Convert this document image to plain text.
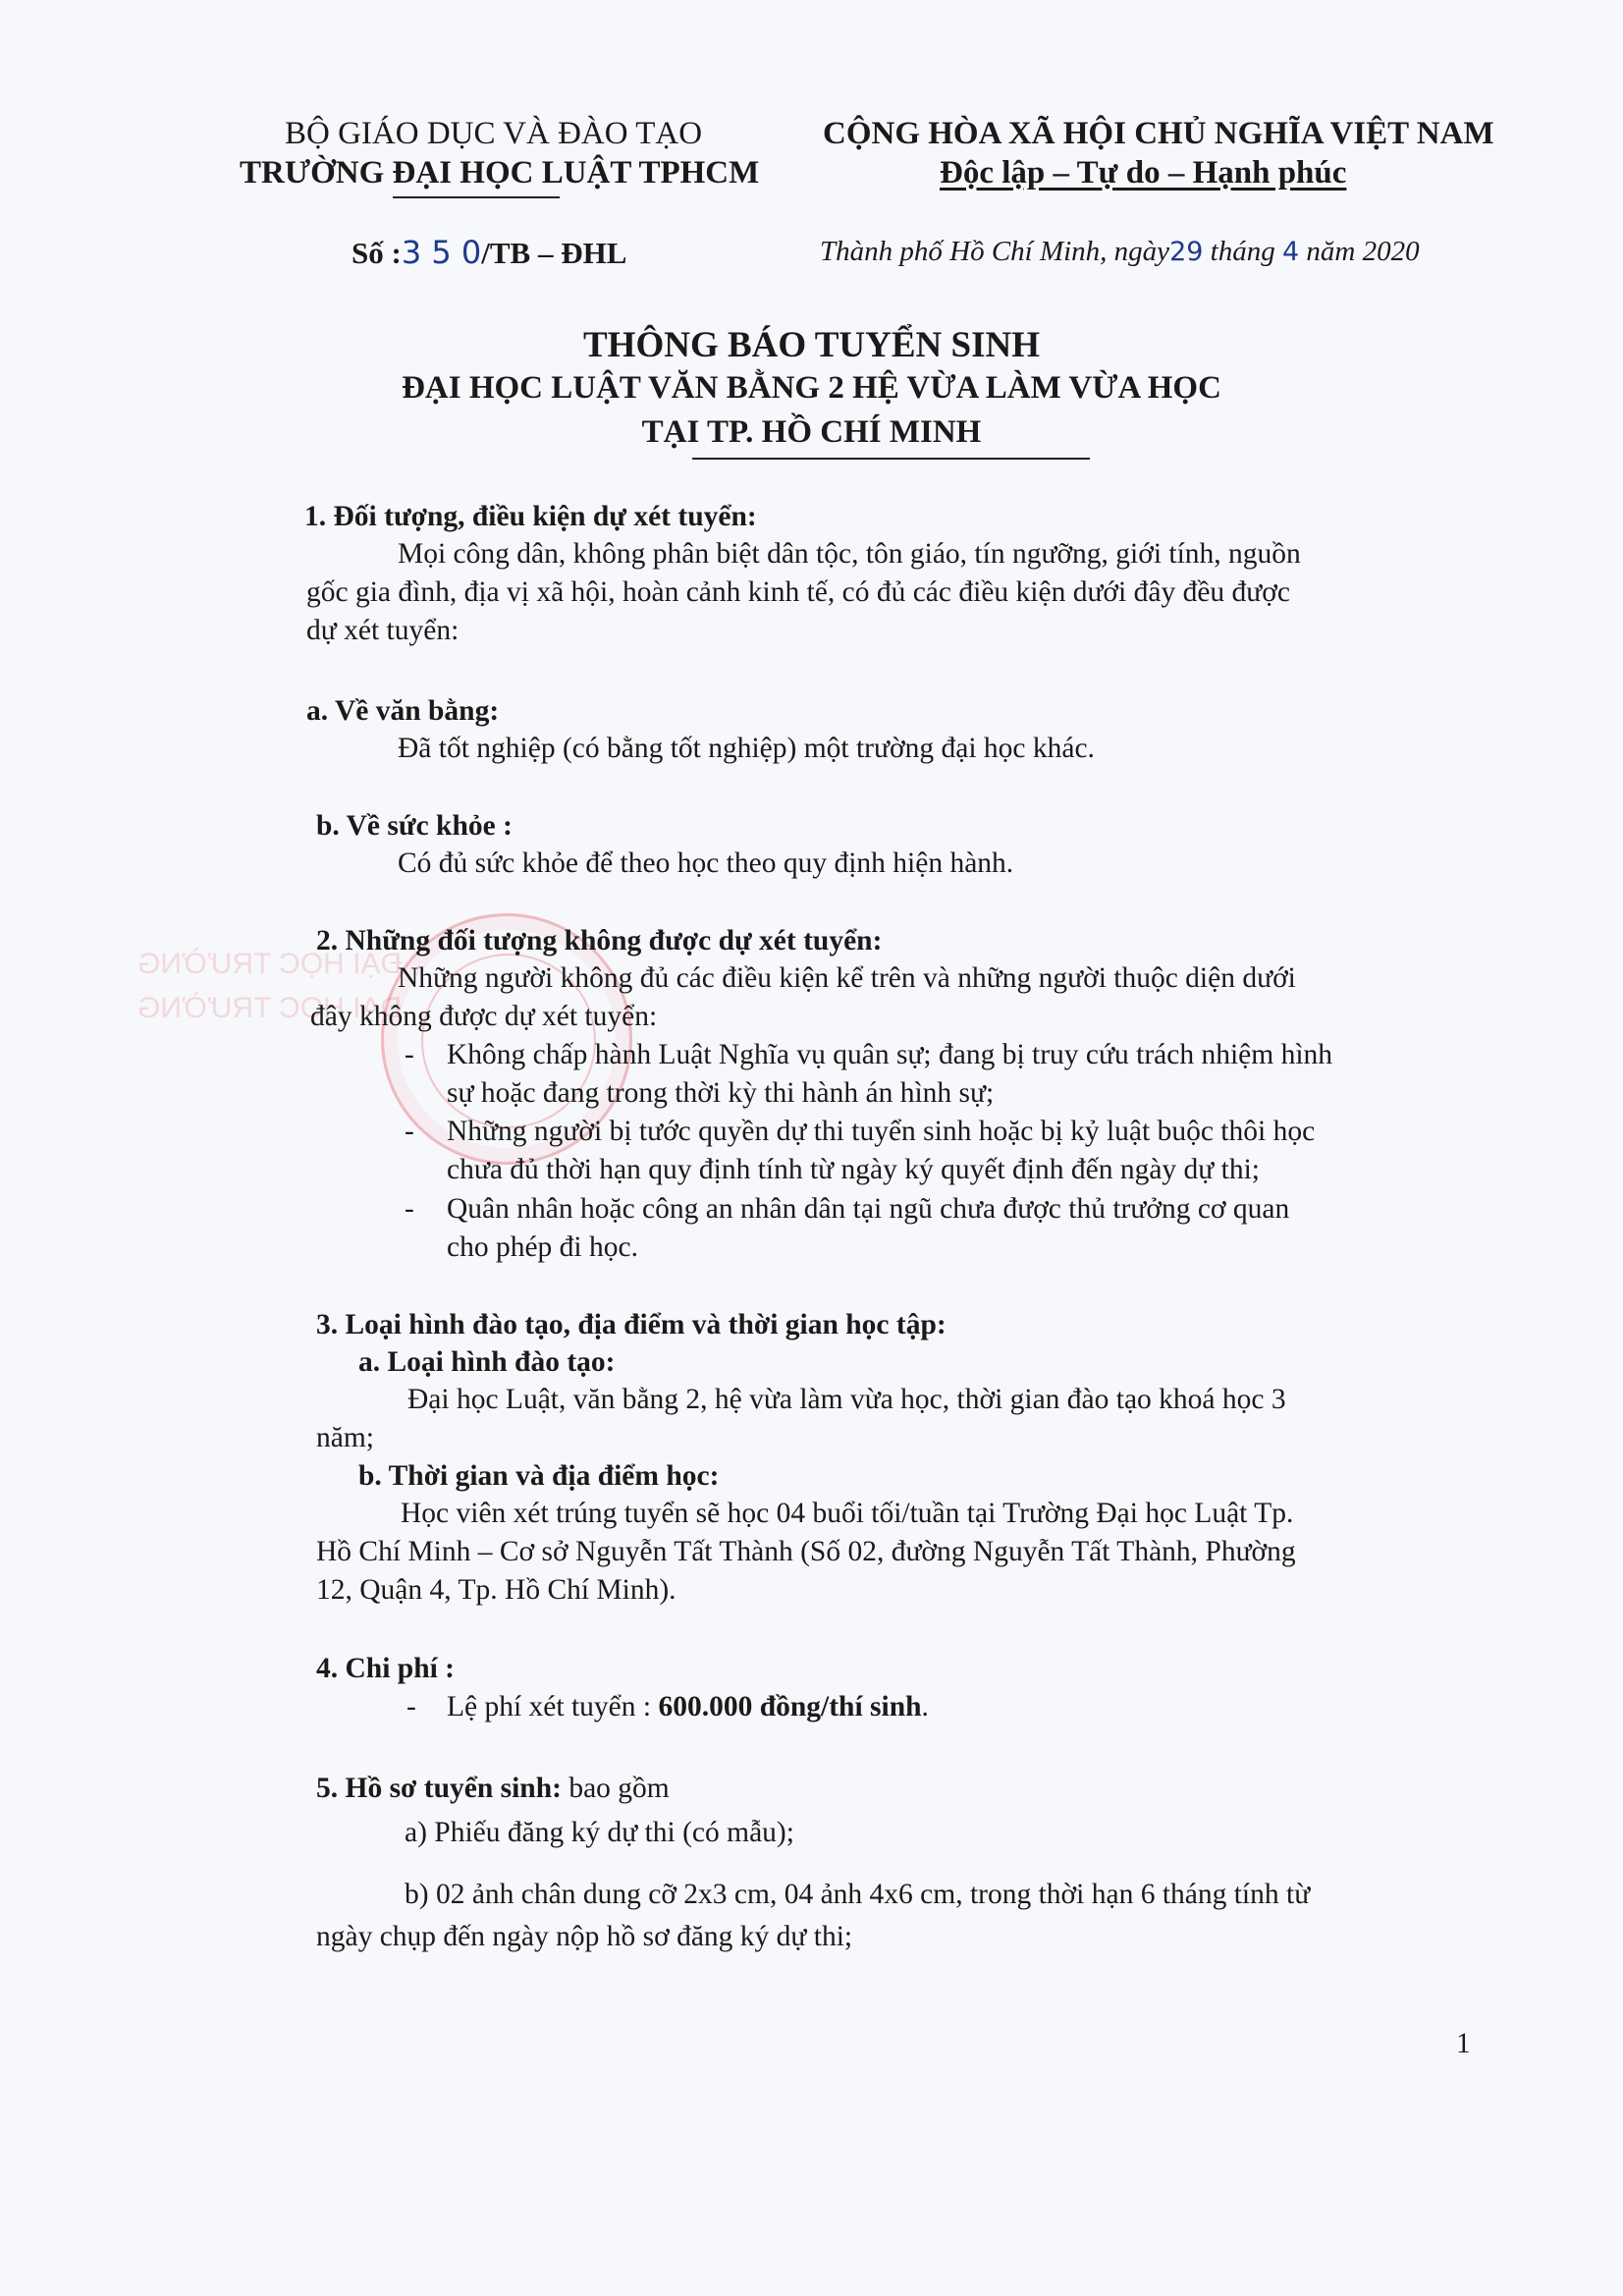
ĐẠI HỌC TRƯỜNG
ĐẠI HỌC TRƯỜNG
BỘ GIÁO DỤC VÀ ĐÀO TẠO
TRƯỜNG ĐẠI HỌC LUẬT TPHCM
CỘNG HÒA XÃ HỘI CHỦ NGHĨA VIỆT NAM
Độc lập – Tự do – Hạnh phúc
Số :3 5 0/TB – ĐHL	Thành phố Hồ Chí Minh, ngày29 tháng 4 năm 2020
THÔNG BÁO TUYỂN SINH
ĐẠI HỌC LUẬT VĂN BẰNG 2 HỆ VỪA LÀM VỪA HỌC
TẠI TP. HỒ CHÍ MINH
1. Đối tượng, điều kiện dự xét tuyển:
Mọi công dân, không phân biệt dân tộc, tôn giáo, tín ngưỡng, giới tính, nguồn
gốc gia đình, địa vị xã hội, hoàn cảnh kinh tế, có đủ các điều kiện dưới đây đều được
dự xét tuyển:
a. Về văn bằng:
Đã tốt nghiệp (có bằng tốt nghiệp) một trường đại học khác.
b. Về sức khỏe :
Có đủ sức khỏe để theo học theo quy định hiện hành.
2. Những đối tượng không được dự xét tuyển:
Những người không đủ các điều kiện kể trên và những người thuộc diện dưới
đây không được dự xét tuyển:
- Không chấp hành Luật Nghĩa vụ quân sự; đang bị truy cứu trách nhiệm hình
sự hoặc đang trong thời kỳ thi hành án hình sự;
- Những người bị tước quyền dự thi tuyển sinh hoặc bị kỷ luật buộc thôi học
chưa đủ thời hạn quy định tính từ ngày ký quyết định đến ngày dự thi;
- Quân nhân hoặc công an nhân dân tại ngũ chưa được thủ trưởng cơ quan
cho phép đi học.
3. Loại hình đào tạo, địa điểm và thời gian học tập:
a. Loại hình đào tạo:
Đại học Luật, văn bằng 2, hệ vừa làm vừa học, thời gian đào tạo khoá học 3
năm;
b. Thời gian và địa điểm học:
Học viên xét trúng tuyển sẽ học 04 buổi tối/tuần tại Trường Đại học Luật Tp.
Hồ Chí Minh – Cơ sở Nguyễn Tất Thành (Số 02, đường Nguyễn Tất Thành, Phường
12, Quận 4, Tp. Hồ Chí Minh).
4. Chi phí :
- Lệ phí xét tuyển : 600.000 đồng/thí sinh.
5. Hồ sơ tuyển sinh: bao gồm
a) Phiếu đăng ký dự thi (có mẫu);
b) 02 ảnh chân dung cỡ 2x3 cm, 04 ảnh 4x6 cm, trong thời hạn 6 tháng tính từ
ngày chụp đến ngày nộp hồ sơ đăng ký dự thi;
1
